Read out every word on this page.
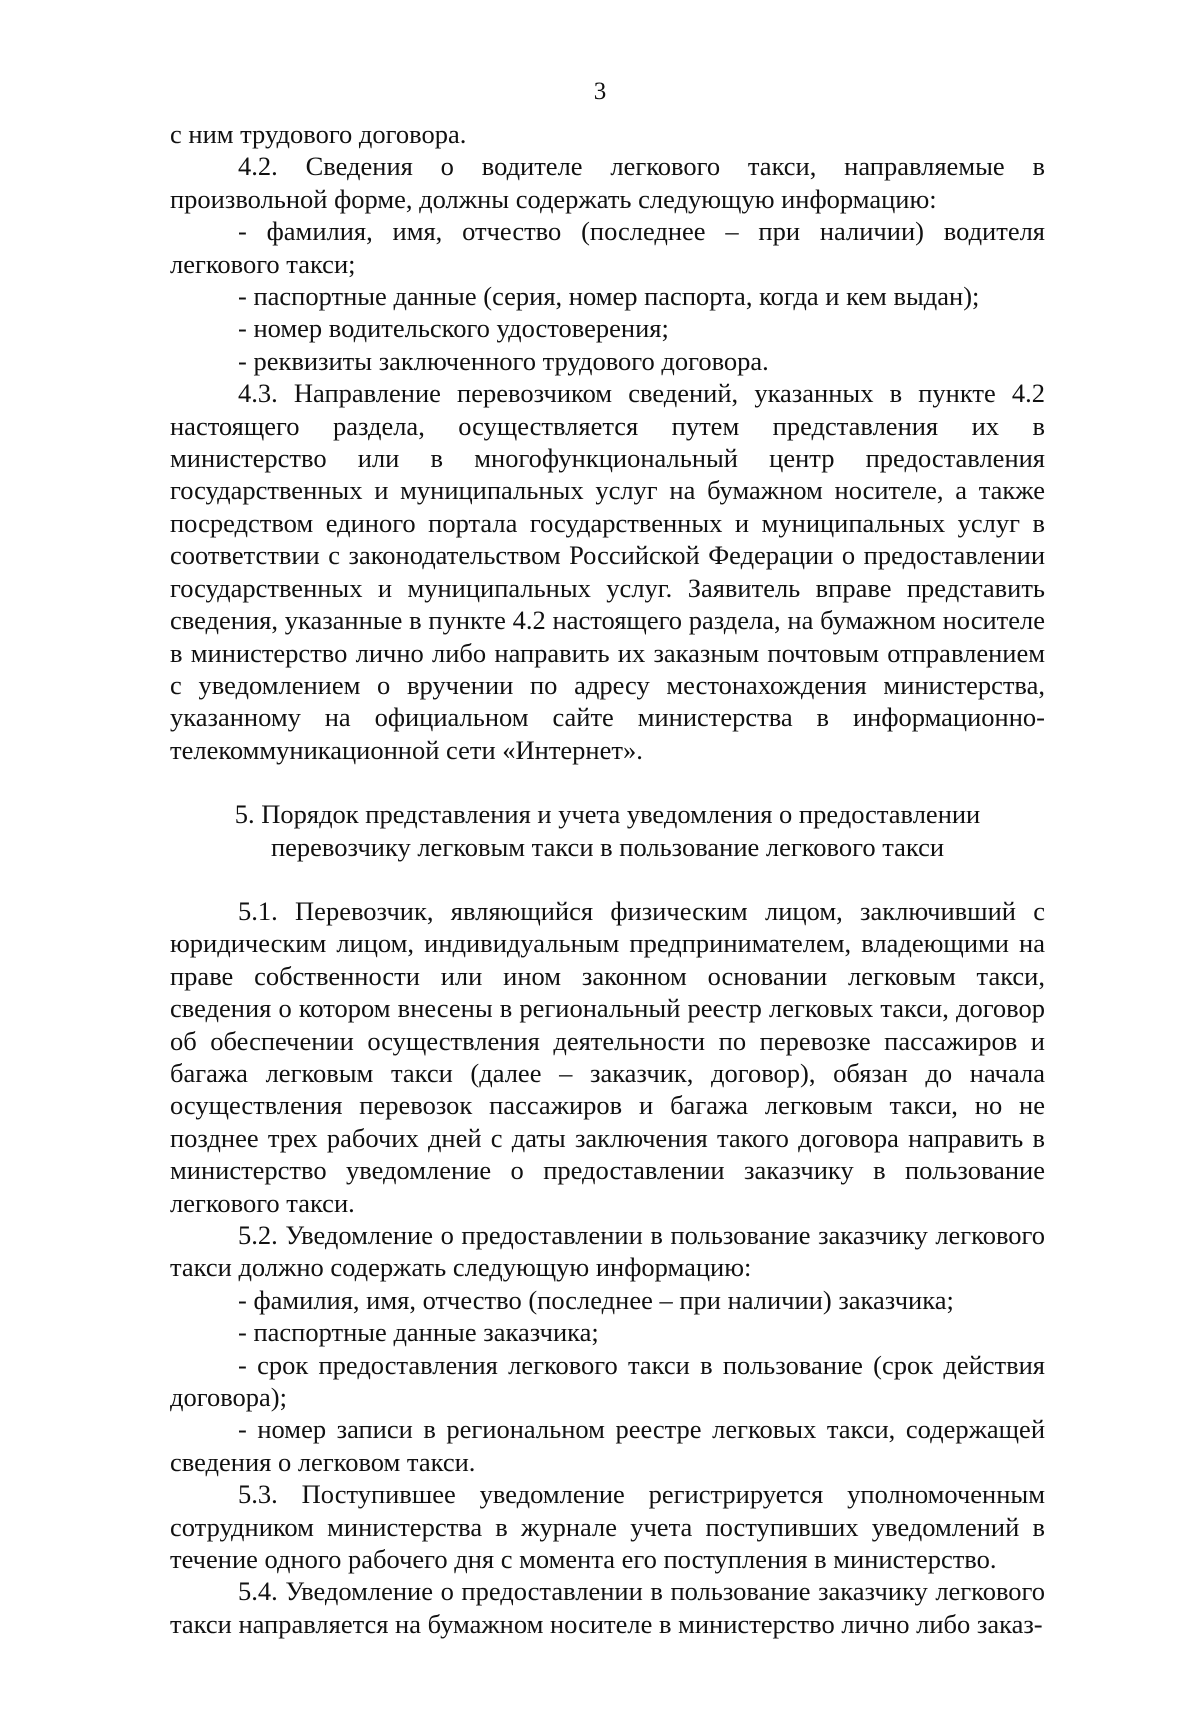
3

с ним трудового договора.

4.2. Сведения о водителе легкового такси, направляемые в произвольной форме, должны содержать следующую информацию:

- фамилия, имя, отчество (последнее – при наличии) водителя легкового такси;

- паспортные данные (серия, номер паспорта, когда и кем выдан);

- номер водительского удостоверения;

- реквизиты заключенного трудового договора.

4.3. Направление перевозчиком сведений, указанных в пункте 4.2 настоящего раздела, осуществляется путем представления их в министерство или в многофункциональный центр предоставления государственных и муниципальных услуг на бумажном носителе, а также посредством единого портала государственных и муниципальных услуг в соответствии с законодательством Российской Федерации о предоставлении государственных и муниципальных услуг. Заявитель вправе представить сведения, указанные в пункте 4.2 настоящего раздела, на бумажном носителе в министерство лично либо направить их заказным почтовым отправлением с уведомлением о вручении по адресу местонахождения министерства, указанному на официальном сайте министерства в информационно-телекоммуникационной сети «Интернет».

5. Порядок представления и учета уведомления о предоставлении
перевозчику легковым такси в пользование легкового такси

5.1. Перевозчик, являющийся физическим лицом, заключивший с юридическим лицом, индивидуальным предпринимателем, владеющими на праве собственности или ином законном основании легковым такси, сведения о котором внесены в региональный реестр легковых такси, договор об обеспечении осуществления деятельности по перевозке пассажиров и багажа легковым такси (далее – заказчик, договор), обязан до начала осуществления перевозок пассажиров и багажа легковым такси, но не позднее трех рабочих дней с даты заключения такого договора направить в министерство уведомление о предоставлении заказчику в пользование легкового такси.

5.2. Уведомление о предоставлении в пользование заказчику легкового такси должно содержать следующую информацию:

- фамилия, имя, отчество (последнее – при наличии) заказчика;

- паспортные данные заказчика;

- срок предоставления легкового такси в пользование (срок действия договора);

- номер записи в региональном реестре легковых такси, содержащей сведения о легковом такси.

5.3. Поступившее уведомление регистрируется уполномоченным сотрудником министерства в журнале учета поступивших уведомлений в течение одного рабочего дня с момента его поступления в министерство.

5.4. Уведомление о предоставлении в пользование заказчику легкового такси направляется на бумажном носителе в министерство лично либо заказ-
